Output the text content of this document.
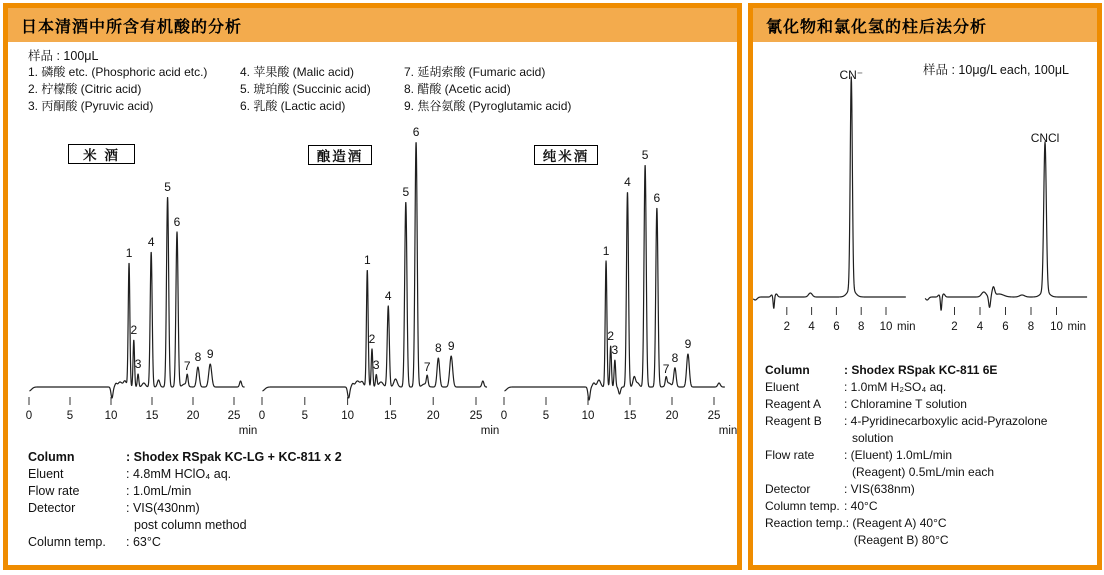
日本清酒中所含有机酸的分析
样品 : 100μL
1. 磷酸 etc. (Phosphoric acid etc.)
2. 柠檬酸 (Citric acid)
3. 丙酮酸 (Pyruvic acid)
4. 苹果酸 (Malic acid)
5. 琥珀酸 (Succinic acid)
6. 乳酸 (Lactic acid)
7. 延胡索酸 (Fumaric acid)
8. 醋酸 (Acetic acid)
9. 焦谷氨酸 (Pyroglutamic acid)
0	5	10 15 20 25
min
1
2
3
4
5
6
7
8 9
0	5	10	15	20	25
min
1
2
3
4
5
6
7
8 9
0	5	10	15	20	25
min
1
2
3
4
5
6
7
8
9
米 酒	酿造酒	纯米酒
Column	: Shodex RSpak KC-LG + KC-811 x 2
Eluent	: 4.8mM HClO₄ aq.
Flow rate	: 1.0mL/min
Detector	: VIS(430nm)
post column method
Column temp.	: 63°C
氰化物和氯化氢的柱后法分析
样品 : 10μg/L each, 100μL
2 4 6 8 10 min
CN⁻
2 4 6 8 10 min
CNCl
Column	: Shodex RSpak KC-811 6E
Eluent	: 1.0mM H₂SO₄ aq.
Reagent A	: Chloramine T solution
Reagent B	: 4-Pyridinecarboxylic acid-Pyrazolone
solution
Flow rate	: (Eluent) 1.0mL/min
(Reagent) 0.5mL/min each
Detector	: VIS(638nm)
Column temp. : 40°C
Reaction temp. : (Reagent A) 40°C
(Reagent B) 80°C
